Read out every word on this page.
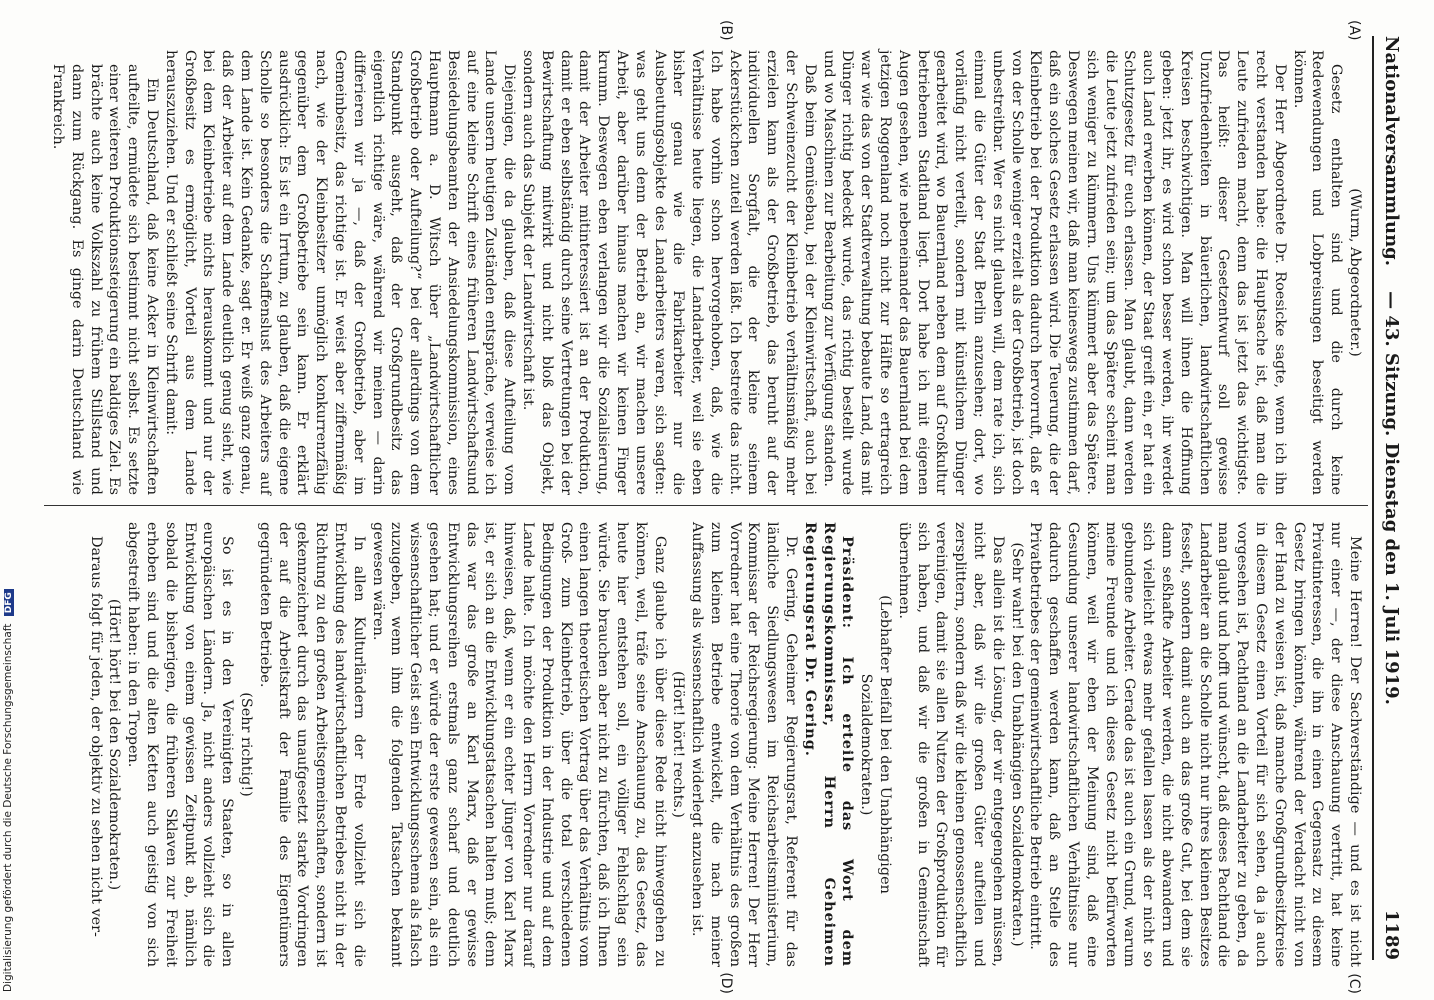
Nationalversammlung.
— 43. Sitzung. Dienstag den 1. Juli 1919.
1189
(A)
(B)
(C)
(D)

(Wurm, Abgeordneter.)

Gesetz enthalten sind und die durch keine Redewendungen und Lobpreisungen beseitigt werden können.

Der Herr Abgeordnete Dr. Roesicke sagte, wenn ich ihn recht verstanden habe: die Hauptsache ist, daß man die Leute zufrieden macht, denn das ist jetzt das wichtigste. Das heißt: dieser Gesetzentwurf soll gewisse Unzufriedenheiten in bäuerlichen, landwirtschaftlichen Kreisen beschwichtigen. Man will ihnen die Hoffnung geben: jetzt ihr, es wird schon besser werden, ihr werdet auch Land erwerben können, der Staat greift ein, er hat ein Schutzgesetz für euch erlassen. Man glaubt, dann werden die Leute jetzt zufrieden sein; um das Spätere scheint man sich weniger zu kümmern. Uns kümmert aber das Spätere. Deswegen meinen wir, daß man keineswegs zustimmen darf, daß ein solches Gesetz erlassen wird. Die Teuerung, die der Kleinbetrieb bei der Produktion dadurch hervorruft, daß er von der Scholle weniger erzielt als der Großbetrieb, ist doch unbestreitbar. Wer es nicht glauben will, dem rate ich, sich einmal die Güter der Stadt Berlin anzusehen; dort, wo vorläufig nicht verteilt, sondern mit künstlichem Dünger gearbeitet wird, wo Bauernland neben dem auf Großkultur betriebenen Stadtland liegt. Dort habe ich mit eigenen Augen gesehen, wie nebeneinander das Bauernland bei dem jetzigen Roggenland noch nicht zur Hälfte so ertragreich war wie das von der Stadtverwaltung bebaute Land, das mit Dünger richtig bedeckt wurde, das richtig bestellt wurde und wo Maschinen zur Bearbeitung zur Verfügung standen.

Daß beim Gemüsebau, bei der Kleinwirtschaft, auch bei der Schweinezucht der Kleinbetrieb verhältnismäßig mehr erzielen kann als der Großbetrieb, das beruht auf der individuellen Sorgfalt, die der kleine seinem Ackerstückchen zuteil werden läßt. Ich bestreite das nicht. Ich habe vorhin schon hervorgehoben, daß, wie die Verhältnisse heute liegen, die Landarbeiter, weil sie eben bisher genau wie die Fabrikarbeiter nur die Ausbeutungsobjekte des Landarbeiters waren, sich sagten: was geht uns denn der Betrieb an, wir machen unsere Arbeit, aber darüber hinaus machen wir keinen Finger krumm. Deswegen eben verlangen wir die Sozialisierung, damit der Arbeiter mitinteressiert ist an der Produktion, damit er eben selbständig durch seine Vertretungen bei der Bewirtschaftung mitwirkt und nicht bloß das Objekt, sondern auch das Subjekt der Landwirtschaft ist.

Diejenigen, die da glauben, daß diese Aufteilung vom Lande unsern heutigen Zuständen entspräche, verweise ich auf eine kleine Schrift eines früheren Landwirtschaftsund Besiedelungsbeamten der Ansiedelungskommission, eines Hauptmann a. D. Witsch über „Landwirtschaftlicher Großbetrieb oder Aufteilung?“ bei der allerdings von dem Standpunkt ausgeht, daß der Großgrundbesitz das eigentlich richtige wäre, während wir meinen — darin differieren wir ja —, daß der Großbetrieb, aber im Gemeinbesitz, das richtige ist. Er weist aber ziffernmäßig nach, wie der Kleinbesitzer unmöglich konkurrenzfähig gegenüber dem Großbetriebe sein kann. Er erklärt ausdrücklich: Es ist ein Irrtum, zu glauben, daß die eigene Scholle so besonders die Schaffenslust des Arbeiters auf dem Lande ist. Kein Gedanke, sagt er. Er weiß ganz genau, daß der Arbeiter auf dem Lande deutlich genug sieht, wie bei dem Kleinbetriebe nichts herauskommt und nur der Großbesitz es ermöglicht, Vorteil aus dem Lande herauszuziehen. Und er schließt seine Schrift damit:

Ein Deutschland, daß keine Acker in Kleinwirtschaften aufteilte, ermüdete sich bestimmt nicht selbst. Es setzte einer weiteren Produktionssteigerung ein baldiges Ziel. Es brächte auch keine Volkszahl zu frühem Stillstand und dann zum Rückgang. Es ginge darin Deutschland wie Frankreich.

Meine Herren! Der Sachverständige — und es ist nicht nur einer —, der diese Anschauung vertritt, hat keine Privatinteressen, die ihn in einen Gegensatz zu diesem Gesetz bringen könnten, während der Verdacht nicht von der Hand zu weisen ist, daß manche Großgrundbesitzkreise in diesem Gesetz einen Vorteil für sich sehen, da ja auch vorgesehen ist, Pachtland an die Landarbeiter zu geben, da man glaubt und hofft und wünscht, daß dieses Pachtland die Landarbeiter an die Scholle nicht nur ihres kleinen Besitzes fesselt, sondern damit auch an das große Gut, bei dem sie dann seßhafte Arbeiter werden, die nicht abwandern und sich vielleicht etwas mehr gefallen lassen als der nicht so gebundene Arbeiter. Gerade das ist auch ein Grund, warum meine Freunde und ich dieses Gesetz nicht befürworten können, weil wir eben der Meinung sind, daß eine Gesundung unserer landwirtschaftlichen Verhältnisse nur dadurch geschaffen werden kann, daß an Stelle des Privatbetriebes der gemeinwirtschaftliche Betrieb eintritt.

(Sehr wahr! bei den Unabhängigen Sozialdemokraten.)

Das allein ist die Lösung, der wir entgegengehen müssen, nicht aber, daß wir die großen Güter aufteilen und zersplittern, sondern daß wir die kleinen genossenschaftlich vereinigen, damit sie allen Nutzen der Großproduktion für sich haben, und daß wir die großen in Gemeinschaft übernehmen.

(Lebhafter Beifall bei den Unabhängigen Sozialdemokraten.)

Präsident: Ich erteile das Wort dem Regierungskommissar, Herrn Geheimen Regierungsrat Dr. Gering.

Dr. Gering, Geheimer Regierungsrat, Referent für das ländliche Siedlungswesen im Reichsarbeitsministerium, Kommissar der Reichsregierung: Meine Herren! Der Herr Vorredner hat eine Theorie von dem Verhältnis des großen zum kleinen Betriebe entwickelt, die nach meiner Auffassung als wissenschaftlich widerlegt anzusehen ist.

(Hört! hört! rechts.)

Ganz glaube ich über diese Rede nicht hinweggehen zu können, weil, träfe seine Anschauung zu, das Gesetz, das heute hier entstehen soll, ein völliger Fehlschlag sein würde. Sie brauchen aber nicht zu fürchten, daß ich Ihnen einen langen theoretischen Vortrag über das Verhältnis vom Groß- zum Kleinbetrieb, über die total verschiedenen Bedingungen der Produktion in der Industrie und auf dem Lande halte. Ich möchte den Herrn Vorredner nur darauf hinweisen, daß, wenn er ein echter Jünger von Karl Marx ist, er sich an die Entwicklungstatsachen halten muß; denn das war das große an Karl Marx, daß er gewisse Entwicklungsreihen erstmals ganz scharf und deutlich gesehen hat; und er würde der erste gewesen sein, als ein wissenschaftlicher Geist sein Entwicklungsschema als falsch zuzugeben, wenn ihm die folgenden Tatsachen bekannt gewesen wären.

In allen Kulturländern der Erde vollzieht sich die Entwicklung des landwirtschaftlichen Betriebes nicht in der Richtung zu den großen Arbeitsgemeinschaften, sondern ist gekennzeichnet durch das unaufgesetzt starke Vordringen der auf die Arbeitskraft der Familie des Eigentümers gegründeten Betriebe.

(Sehr richtig!)

So ist es in den Vereinigten Staaten, so in allen europäischen Ländern. Ja, nicht anders vollzieht sich die Entwicklung von einem gewissen Zeitpunkt ab, nämlich sobald die bisherigen, die früheren Sklaven zur Freiheit erhoben sind und die alten Ketten auch geistig von sich abgestreift haben: in den Tropen.

(Hört! hört! bei den Sozialdemokraten.)

Daraus folgt für jeden, der objektiv zu sehen nicht ver-

Digitalisierung gefördert durch die Deutsche Forschungsgemeinschaft DFG
